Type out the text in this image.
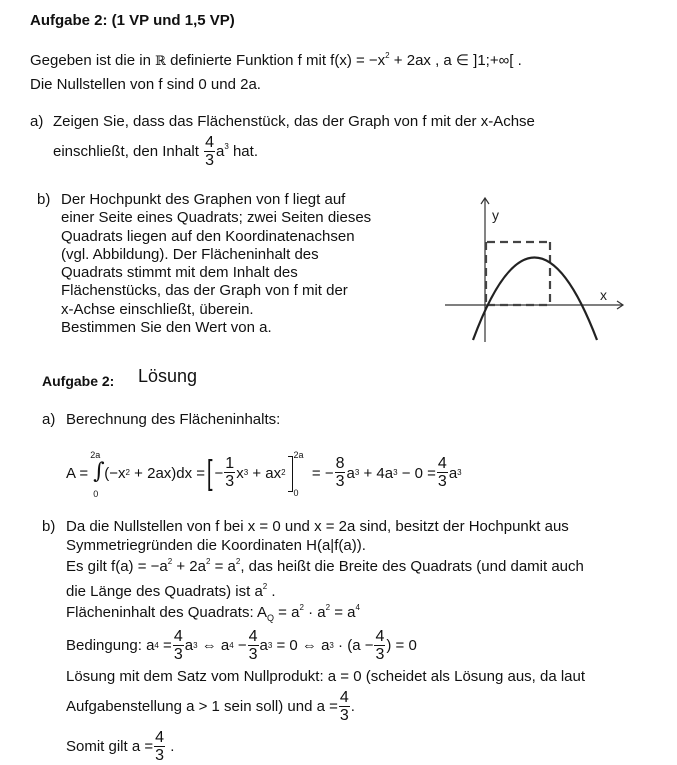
Aufgabe 2: (1 VP und 1,5 VP)
Gegeben ist die in ℝ definierte Funktion f mit $f(x) = -x^2 + 2ax$ , a ∈ ]1;+∞[ .
Die Nullstellen von f sind 0 und 2a.
a) Zeigen Sie, dass das Flächenstück, das der Graph von f mit der x-Achse
einschließt, den Inhalt $\frac{4}{3} a^3$ hat.
b) Der Hochpunkt des Graphen von f liegt auf
einer Seite eines Quadrats; zwei Seiten dieses
Quadrats liegen auf den Koordinatenachsen
(vgl. Abbildung). Der Flächeninhalt des
Quadrats stimmt mit dem Inhalt des
Flächenstücks, das der Graph von f mit der
x-Achse einschließt, überein.
Bestimmen Sie den Wert von a.
y
x
Aufgabe 2: Lösung
a) Berechnung des Flächeninhalts:
A =
∫
2a
0
(−x 2
+ 2ax)dx = [ − $\frac{1}{3}$ x 3
+ ax 2
2a
0

= − $\frac{8}{3}$ a 3
+ 4a 3
− $0 = \frac{4}{3}$ a 3
b) Da die Nullstellen von f bei x = 0 und x = 2a sind, besitzt der Hochpunkt aus
Symmetriegründen die Koordinaten H(a|f(a)).
Es gilt $f(a) = -a^2 + 2a^2 = a^2$, das heißt die Breite des Quadrats (und damit auch
die Länge des Quadrats) ist $a^2$ .
Flächeninhalt des Quadrats: $A_Q = a^2 \cdot a^2 = a^4$
Bedingung:
a 4
= $\frac{4}{3}$ a 3
⇔ a 4
− $\frac{4}{3}$ a 3
= 0 ⇔ a 3
· ($a - \frac{4}{3}$ ) = 0
Lösung mit dem Satz vom Nullprodukt: a = 0 (scheidet als Lösung aus, da laut
Aufgabenstellung a > 1 sein soll) und
$a = \frac{4}{3}$ .
Somit gilt
$a = \frac{4}{3}$
.
